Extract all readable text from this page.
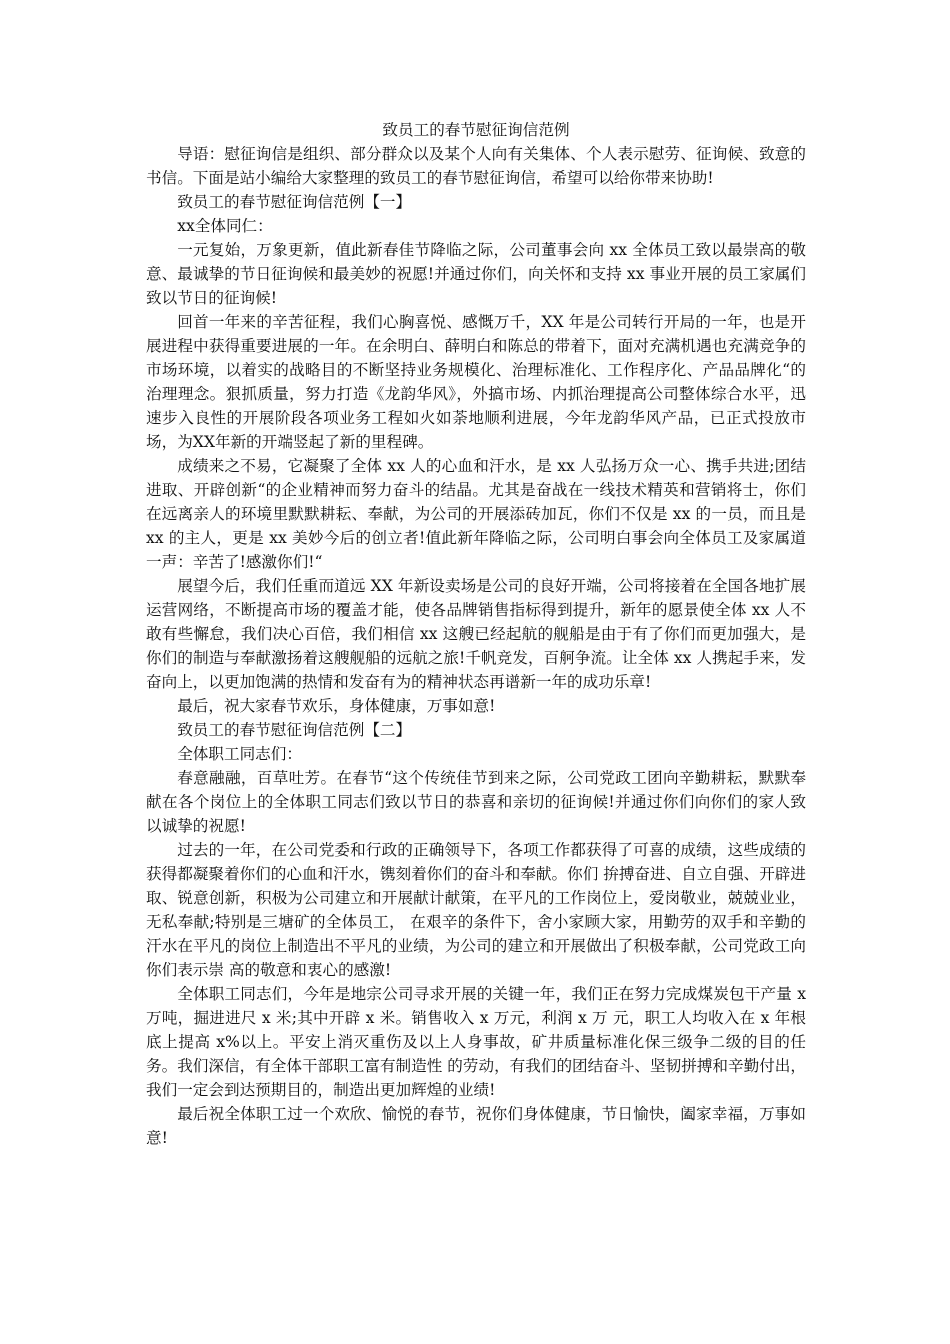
致员工的春节慰征询信范例

导语：慰征询信是组织、部分群众以及某个人向有关集体、个人表示慰劳、征询候、致意的书信。下面是站小编给大家整理的致员工的春节慰征询信，希望可以给你带来协助!

致员工的春节慰征询信范例【一】

xx全体同仁：

一元复始，万象更新，值此新春佳节降临之际，公司董事会向 xx 全体员工致以最崇高的敬意、最诚挚的节日征询候和最美妙的祝愿!并通过你们，向关怀和支持 xx 事业开展的员工家属们致以节日的征询候!

回首一年来的辛苦征程，我们心胸喜悦、感慨万千，XX 年是公司转行开局的一年，也是开展进程中获得重要进展的一年。在余明白、薛明白和陈总的带着下，面对充满机遇也充满竞争的市场环境，以着实的战略目的不断坚持业务规模化、治理标准化、工作程序化、产品品牌化“的治理理念。狠抓质量，努力打造《龙韵华风》，外搞市场、内抓治理提高公司整体综合水平，迅速步入良性的开展阶段各项业务工程如火如荼地顺利进展，今年龙韵华风产品，已正式投放市场，为XX年新的开端竖起了新的里程碑。

成绩来之不易，它凝聚了全体 xx 人的心血和汗水，是 xx 人弘扬万众一心、携手共进;团结进取、开辟创新“的企业精神而努力奋斗的结晶。尤其是奋战在一线技术精英和营销将士，你们在远离亲人的环境里默默耕耘、奉献，为公司的开展添砖加瓦，你们不仅是 xx 的一员，而且是 xx 的主人，更是 xx 美妙今后的创立者!值此新年降临之际，公司明白事会向全体员工及家属道一声：辛苦了!感激你们!“

展望今后，我们任重而道远 XX 年新设卖场是公司的良好开端，公司将接着在全国各地扩展运营网络，不断提高市场的覆盖才能，使各品牌销售指标得到提升，新年的愿景使全体 xx 人不敢有些懈怠，我们决心百倍，我们相信 xx 这艘已经起航的舰船是由于有了你们而更加强大，是你们的制造与奉献激扬着这艘舰船的远航之旅!千帆竞发，百舸争流。让全体 xx 人携起手来，发奋向上，以更加饱满的热情和发奋有为的精神状态再谱新一年的成功乐章!

最后，祝大家春节欢乐，身体健康，万事如意!

致员工的春节慰征询信范例【二】

全体职工同志们：

春意融融，百草吐芳。在春节“这个传统佳节到来之际，公司党政工团向辛勤耕耘，默默奉献在各个岗位上的全体职工同志们致以节日的恭喜和亲切的征询候!并通过你们向你们的家人致以诚挚的祝愿!

过去的一年，在公司党委和行政的正确领导下，各项工作都获得了可喜的成绩，这些成绩的获得都凝聚着你们的心血和汗水，镌刻着你们的奋斗和奉献。你们 拚搏奋进、自立自强、开辟进取、锐意创新，积极为公司建立和开展献计献策，在平凡的工作岗位上，爱岗敬业，兢兢业业，无私奉献;特别是三塘矿的全体员工， 在艰辛的条件下，舍小家顾大家，用勤劳的双手和辛勤的汗水在平凡的岗位上制造出不平凡的业绩，为公司的建立和开展做出了积极奉献，公司党政工向你们表示崇 高的敬意和衷心的感激!

全体职工同志们，今年是地宗公司寻求开展的关键一年，我们正在努力完成煤炭包干产量 x 万吨，掘进进尺 x 米;其中开辟 x 米。销售收入 x 万元，利润 x 万 元，职工人均收入在 x 年根底上提高 x%以上。平安上消灭重伤及以上人身事故，矿井质量标准化保三级争二级的目的任务。我们深信，有全体干部职工富有制造性 的劳动，有我们的团结奋斗、坚韧拼搏和辛勤付出，我们一定会到达预期目的，制造出更加辉煌的业绩!

最后祝全体职工过一个欢欣、愉悦的春节，祝你们身体健康，节日愉快，阖家幸福，万事如意!
